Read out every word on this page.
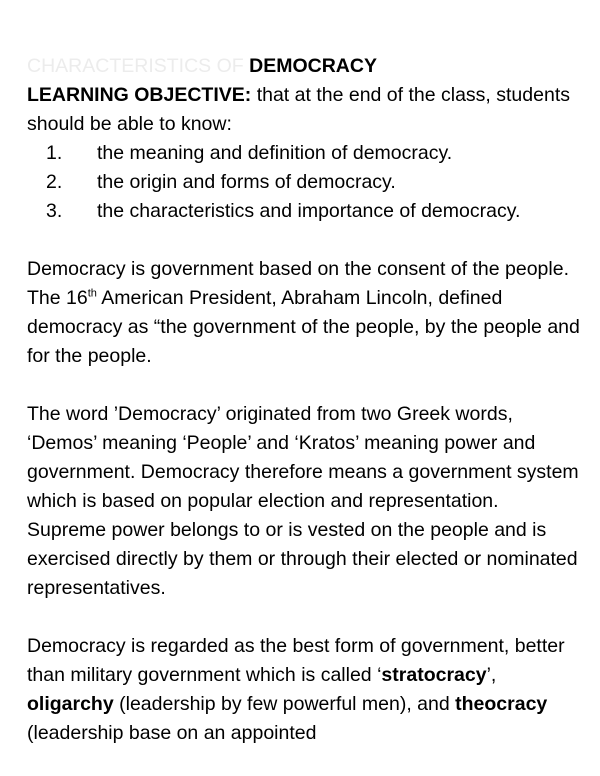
CHARACTERISTICS OF DEMOCRACY

LEARNING OBJECTIVE: that at the end of the class, students should be able to know:

1.	the meaning and definition of democracy.
2.	the origin and forms of democracy.
3.	the characteristics and importance of democracy.

Democracy is government based on the consent of the people. The 16th American President, Abraham Lincoln, defined democracy as “the government of the people, by the people and for the people.

The word ’Democracy’ originated from two Greek words, ‘Demos’ meaning ‘People’ and ‘Kratos’ meaning power and government. Democracy therefore means a government system which is based on popular election and representation. Supreme power belongs to or is vested on the people and is exercised directly by them or through their elected or nominated representatives.

Democracy is regarded as the best form of government, better than military government which is called ‘stratocracy’, oligarchy (leadership by few powerful men), and theocracy (leadership base on an appointed
